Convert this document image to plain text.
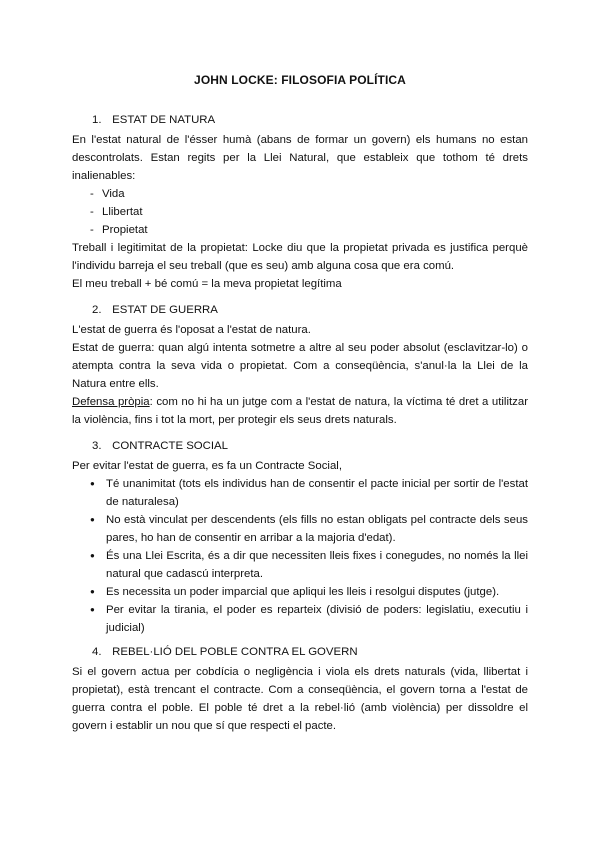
JOHN LOCKE: FILOSOFIA POLÍTICA
1. ESTAT DE NATURA

En l'estat natural de l'ésser humà (abans de formar un govern) els humans no estan descontrolats. Estan regits per la Llei Natural, que estableix que tothom té drets inalienables:

- Vida
- Llibertat
- Propietat

Treball i legitimitat de la propietat: Locke diu que la propietat privada es justifica perquè l'individu barreja el seu treball (que es seu) amb alguna cosa que era comú.

El meu treball + bé comú = la meva propietat legítima

2. ESTAT DE GUERRA

L'estat de guerra és l'oposat a l'estat de natura.

Estat de guerra: quan algú intenta sotmetre a altre al seu poder absolut (esclavitzar-lo) o atempta contra la seva vida o propietat. Com a conseqüència, s'anul·la la Llei de la Natura entre ells.

Defensa pròpia: com no hi ha un jutge com a l'estat de natura, la víctima té dret a utilitzar la violència, fins i tot la mort, per protegir els seus drets naturals.

3. CONTRACTE SOCIAL

Per evitar l'estat de guerra, es fa un Contracte Social,

● Té unanimitat (tots els individus han de consentir el pacte inicial per sortir de l'estat de naturalesa)
● No està vinculat per descendents (els fills no estan obligats pel contracte dels seus pares, ho han de consentir en arribar a la majoria d'edat).
● És una Llei Escrita, és a dir que necessiten lleis fixes i conegudes, no només la llei natural que cadascú interpreta.
● Es necessita un poder imparcial que apliqui les lleis i resolgui disputes (jutge).
● Per evitar la tirania, el poder es reparteix (divisió de poders: legislatiu, executiu i judicial)
4. REBEL·LIÓ DEL POBLE CONTRA EL GOVERN

Si el govern actua per cobdícia o negligència i viola els drets naturals (vida, llibertat i propietat), està trencant el contracte. Com a conseqüència, el govern torna a l'estat de guerra contra el poble. El poble té dret a la rebel·lió (amb violència) per dissoldre el govern i establir un nou que sí que respecti el pacte.
